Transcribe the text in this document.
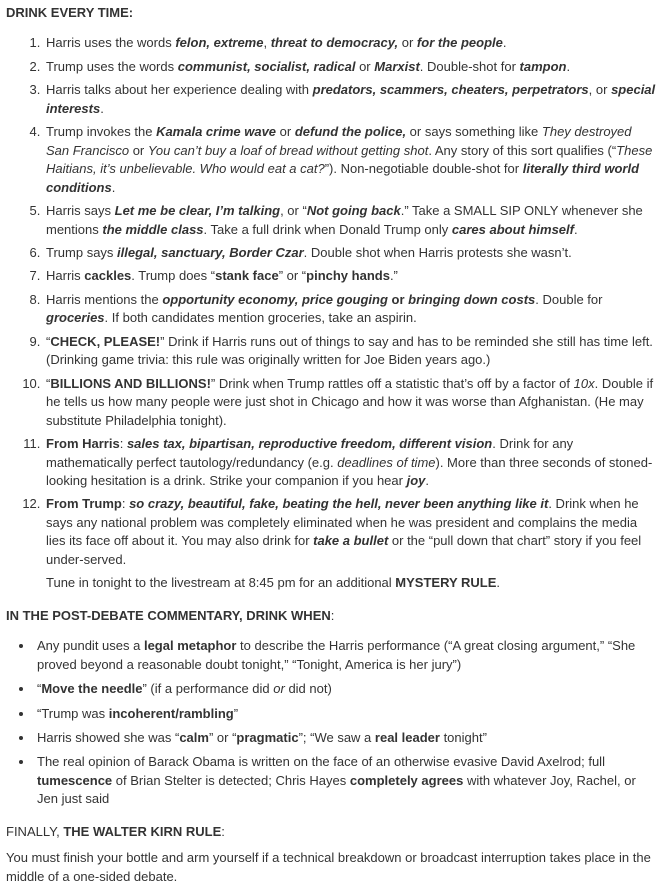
DRINK EVERY TIME:

1. Harris uses the words felon, extreme, threat to democracy, or for the people.
2. Trump uses the words communist, socialist, radical or Marxist. Double-shot for tampon.
3. Harris talks about her experience dealing with predators, scammers, cheaters, perpetrators, or special interests.
4. Trump invokes the Kamala crime wave or defund the police, or says something like They destroyed San Francisco or You can’t buy a loaf of bread without getting shot. Any story of this sort qualifies (“These Haitians, it’s unbelievable. Who would eat a cat?”). Non-negotiable double-shot for literally third world conditions.
5. Harris says Let me be clear, I’m talking, or “Not going back.” Take a SMALL SIP ONLY whenever she mentions the middle class. Take a full drink when Donald Trump only cares about himself.
6. Trump says illegal, sanctuary, Border Czar. Double shot when Harris protests she wasn’t.
7. Harris cackles. Trump does “stank face” or “pinchy hands.”
8. Harris mentions the opportunity economy, price gouging or bringing down costs. Double for groceries. If both candidates mention groceries, take an aspirin.
9. “CHECK, PLEASE!” Drink if Harris runs out of things to say and has to be reminded she still has time left. (Drinking game trivia: this rule was originally written for Joe Biden years ago.)
10. “BILLIONS AND BILLIONS!” Drink when Trump rattles off a statistic that’s off by a factor of 10x. Double if he tells us how many people were just shot in Chicago and how it was worse than Afghanistan. (He may substitute Philadelphia tonight).
11. From Harris: sales tax, bipartisan, reproductive freedom, different vision. Drink for any mathematically perfect tautology/redundancy (e.g. deadlines of time). More than three seconds of stoned-looking hesitation is a drink. Strike your companion if you hear joy.
12. From Trump: so crazy, beautiful, fake, beating the hell, never been anything like it. Drink when he says any national problem was completely eliminated when he was president and complains the media lies its face off about it. You may also drink for take a bullet or the “pull down that chart” story if you feel under-served.

Tune in tonight to the livestream at 8:45 pm for an additional MYSTERY RULE.

IN THE POST-DEBATE COMMENTARY, DRINK WHEN:

• Any pundit uses a legal metaphor to describe the Harris performance (“A great closing argument,” “She proved beyond a reasonable doubt tonight,” “Tonight, America is her jury”)
• “Move the needle” (if a performance did or did not)
• “Trump was incoherent/rambling”
• Harris showed she was “calm” or “pragmatic”; “We saw a real leader tonight”
• The real opinion of Barack Obama is written on the face of an otherwise evasive David Axelrod; full tumescence of Brian Stelter is detected; Chris Hayes completely agrees with whatever Joy, Rachel, or Jen just said

FINALLY, THE WALTER KIRN RULE:

You must finish your bottle and arm yourself if a technical breakdown or broadcast interruption takes place in the middle of a one-sided debate.
